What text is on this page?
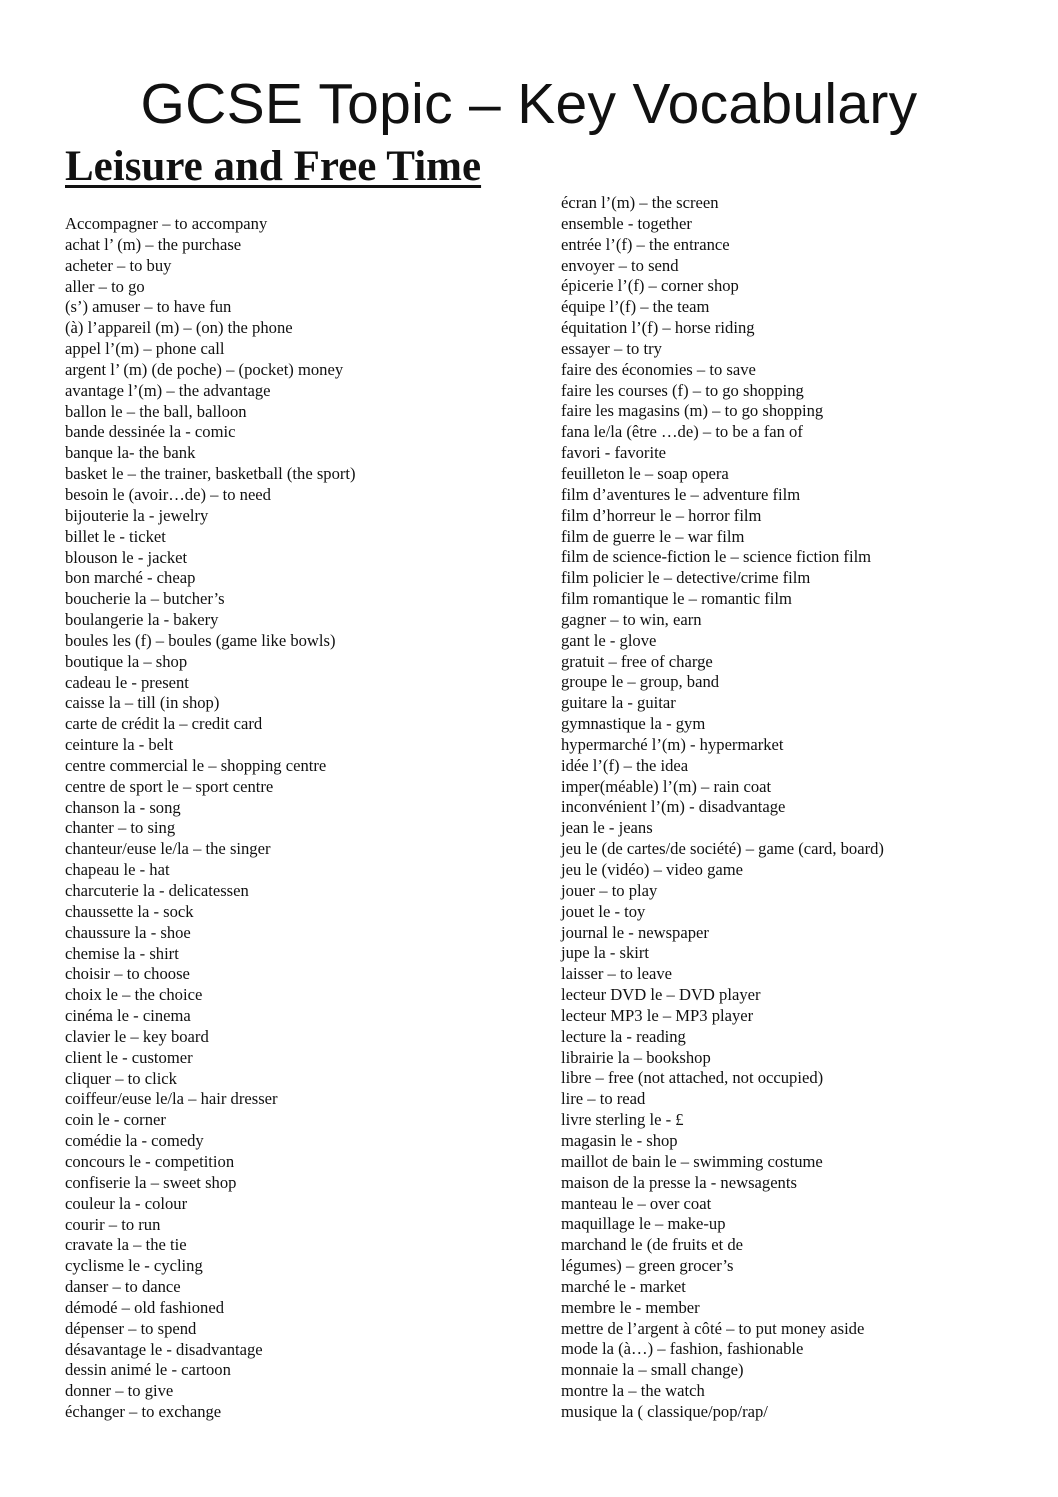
GCSE Topic – Key Vocabulary
Leisure and Free Time
Accompagner – to accompany
achat l’ (m) – the purchase
acheter – to buy
aller – to go
(s’) amuser – to have fun
(à) l’appareil (m) – (on) the phone
appel l’(m) – phone call
argent l’ (m) (de poche) – (pocket) money
avantage l’(m) – the advantage
ballon le – the ball, balloon
bande dessinée la - comic
banque la- the bank
basket le – the trainer, basketball (the sport)
besoin le (avoir…de) – to need
bijouterie la - jewelry
billet le - ticket
blouson le - jacket
bon marché - cheap
boucherie la – butcher’s
boulangerie la - bakery
boules les (f) – boules (game like bowls)
boutique la – shop
cadeau le - present
caisse la – till (in shop)
carte de crédit la – credit card
ceinture la - belt
centre commercial le – shopping centre
centre de sport le – sport centre
chanson la - song
chanter – to sing
chanteur/euse le/la – the singer
chapeau le - hat
charcuterie la - delicatessen
chaussette la - sock
chaussure la - shoe
chemise la - shirt
choisir – to choose
choix le – the choice
cinéma le - cinema
clavier le – key board
client le - customer
cliquer – to click
coiffeur/euse le/la – hair dresser
coin le - corner
comédie la - comedy
concours le - competition
confiserie la – sweet shop
couleur la - colour
courir – to run
cravate la – the tie
cyclisme le - cycling
danser – to dance
démodé – old fashioned
dépenser – to spend
désavantage le - disadvantage
dessin animé le - cartoon
donner – to give
échanger – to exchange
écran l’(m) – the screen
ensemble - together
entrée l’(f) – the entrance
envoyer – to send
épicerie l’(f) – corner shop
équipe l’(f) – the team
équitation l’(f) – horse riding
essayer – to try
faire des économies – to save
faire les courses (f) – to go shopping
faire les magasins (m) – to go shopping
fana le/la (être …de) – to be a fan of
favori - favorite
feuilleton le – soap opera
film d’aventures le – adventure film
film d’horreur le – horror film
film de guerre le – war film
film de science-fiction le – science fiction film
film policier le – detective/crime film
film romantique le – romantic film
gagner – to win, earn
gant le - glove
gratuit – free of charge
groupe le – group, band
guitare la - guitar
gymnastique la - gym
hypermarché l’(m) - hypermarket
idée l’(f) – the idea
imper(méable) l’(m) – rain coat
inconvénient l’(m) - disadvantage
jean le - jeans
jeu le (de cartes/de société) – game (card, board)
jeu le (vidéo) – video game
jouer – to play
jouet le - toy
journal le - newspaper
jupe la - skirt
laisser – to leave
lecteur DVD le – DVD player
lecteur MP3 le – MP3 player
lecture la - reading
librairie la – bookshop
libre – free (not attached, not occupied)
lire – to read
livre sterling le - £
magasin le - shop
maillot de bain le – swimming costume
maison de la presse la - newsagents
manteau le – over coat
maquillage le – make-up
marchand le (de fruits et de
légumes) – green grocer’s
marché le - market
membre le - member
mettre de l’argent à côté – to put money aside
mode la (à…) – fashion, fashionable
monnaie la – small change)
montre la – the watch
musique la ( classique/pop/rap/
